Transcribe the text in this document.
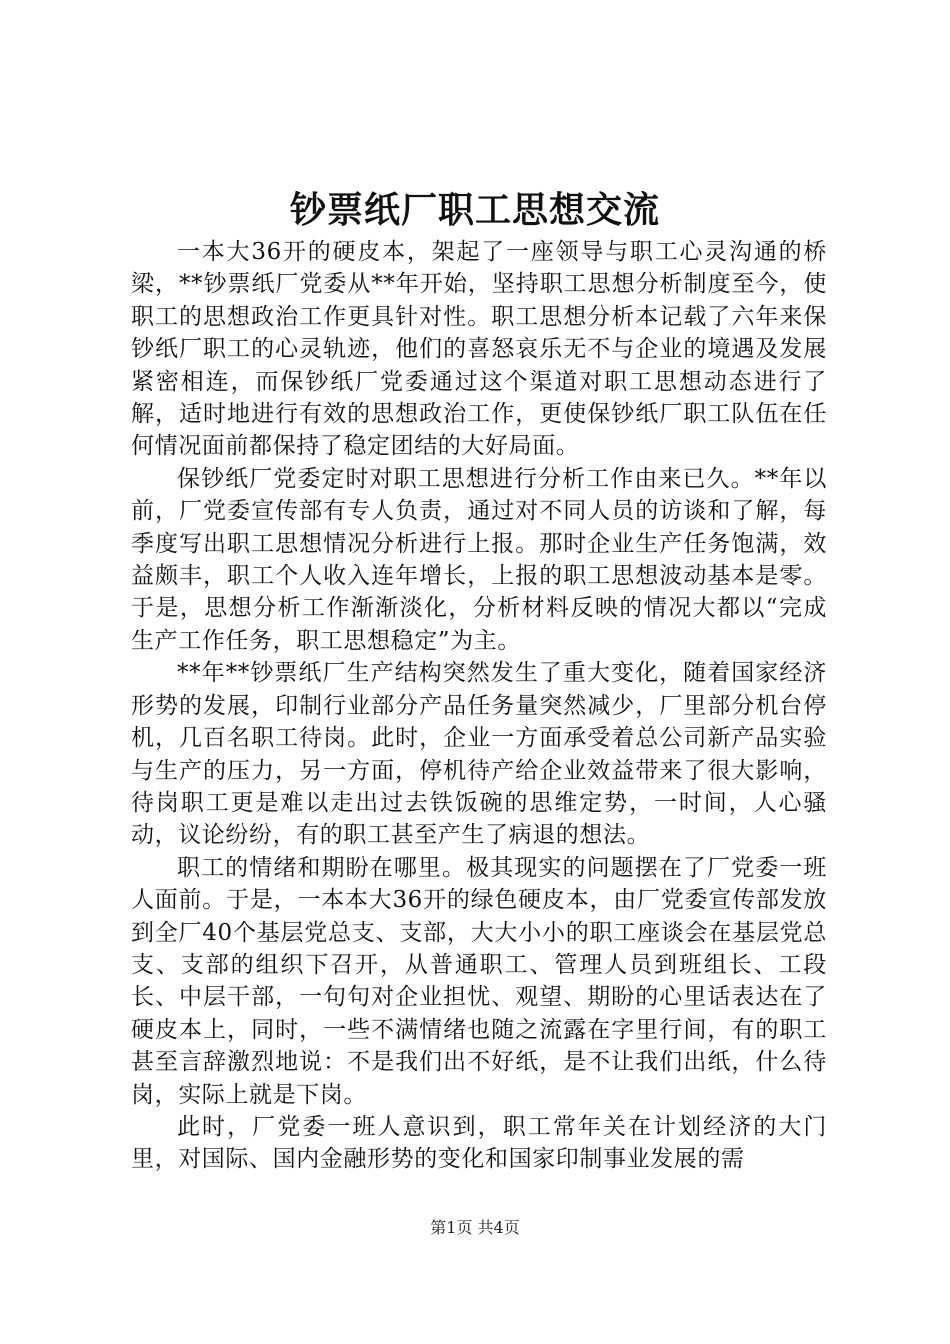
钞票纸厂职工思想交流

一本大36开的硬皮本，架起了一座领导与职工心灵沟通的桥梁，**钞票纸厂党委从**年开始，坚持职工思想分析制度至今，使职工的思想政治工作更具针对性。职工思想分析本记载了六年来保钞纸厂职工的心灵轨迹，他们的喜怒哀乐无不与企业的境遇及发展紧密相连，而保钞纸厂党委通过这个渠道对职工思想动态进行了解，适时地进行有效的思想政治工作，更使保钞纸厂职工队伍在任何情况面前都保持了稳定团结的大好局面。

保钞纸厂党委定时对职工思想进行分析工作由来已久。**年以前，厂党委宣传部有专人负责，通过对不同人员的访谈和了解，每季度写出职工思想情况分析进行上报。那时企业生产任务饱满，效益颇丰，职工个人收入连年增长，上报的职工思想波动基本是零。于是，思想分析工作渐渐淡化，分析材料反映的情况大都以“完成生产工作任务，职工思想稳定”为主。

**年**钞票纸厂生产结构突然发生了重大变化，随着国家经济形势的发展，印制行业部分产品任务量突然减少，厂里部分机台停机，几百名职工待岗。此时，企业一方面承受着总公司新产品实验与生产的压力，另一方面，停机待产给企业效益带来了很大影响，待岗职工更是难以走出过去铁饭碗的思维定势，一时间，人心骚动，议论纷纷，有的职工甚至产生了病退的想法。

职工的情绪和期盼在哪里。极其现实的问题摆在了厂党委一班人面前。于是，一本本大36开的绿色硬皮本，由厂党委宣传部发放到全厂40个基层党总支、支部，大大小小的职工座谈会在基层党总支、支部的组织下召开，从普通职工、管理人员到班组长、工段长、中层干部，一句句对企业担忧、观望、期盼的心里话表达在了硬皮本上，同时，一些不满情绪也随之流露在字里行间，有的职工甚至言辞激烈地说：不是我们出不好纸，是不让我们出纸，什么待岗，实际上就是下岗。

此时，厂党委一班人意识到，职工常年关在计划经济的大门里，对国际、国内金融形势的变化和国家印制事业发展的需

第1页 共4页
